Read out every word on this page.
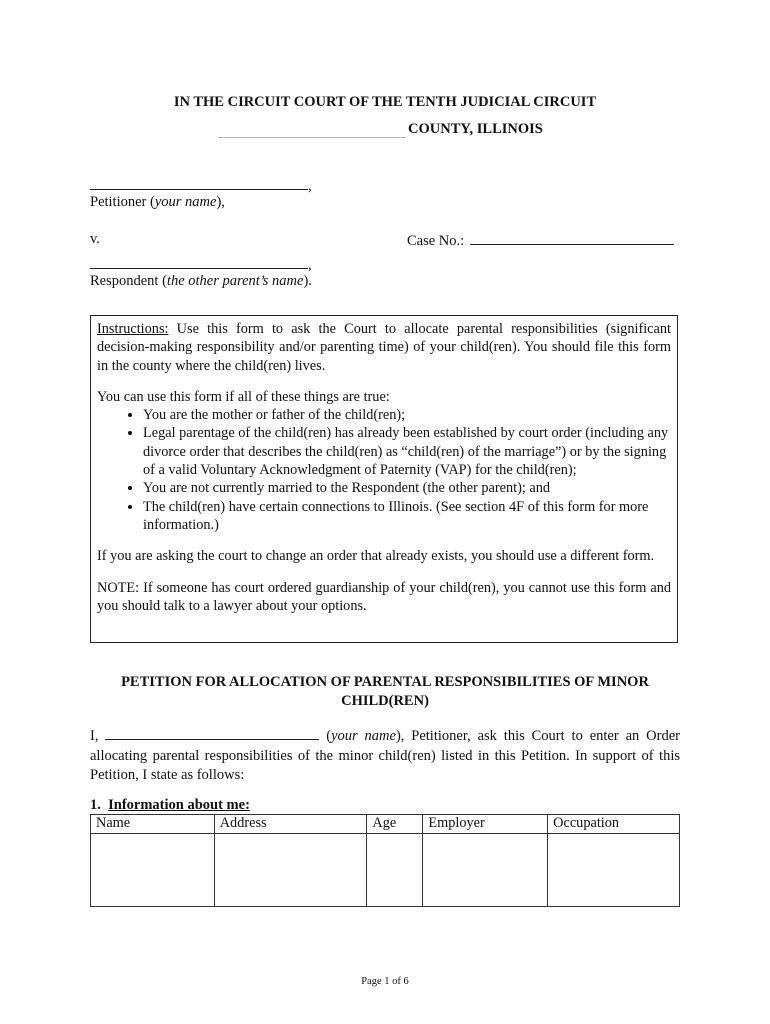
IN THE CIRCUIT COURT OF THE TENTH JUDICIAL CIRCUIT
COUNTY, ILLINOIS
,
Petitioner (your name),
v.	Case No.:
,
Respondent (the other parent’s name).

Instructions: Use this form to ask the Court to allocate parental responsibilities (significant decision-making responsibility and/or parenting time) of your child(ren). You should file this form in the county where the child(ren) lives.

You can use this form if all of these things are true:

• You are the mother or father of the child(ren);
• Legal parentage of the child(ren) has already been established by court order (including any divorce order that describes the child(ren) as “child(ren) of the marriage”) or by the signing of a valid Voluntary Acknowledgment of Paternity (VAP) for the child(ren);
• You are not currently married to the Respondent (the other parent); and
• The child(ren) have certain connections to Illinois. (See section 4F of this form for more information.)

If you are asking the court to change an order that already exists, you should use a different form.

NOTE: If someone has court ordered guardianship of your child(ren), you cannot use this form and you should talk to a lawyer about your options.

PETITION FOR ALLOCATION OF PARENTAL RESPONSIBILITIES OF MINOR CHILD(REN)
I,	(your name), Petitioner, ask this Court to enter an Order allocating parental responsibilities of the minor child(ren) listed in this Petition. In support of this Petition, I state as follows:
1. Information about me:
Name	Address	Age	Employer	Occupation

Page 1 of 6
